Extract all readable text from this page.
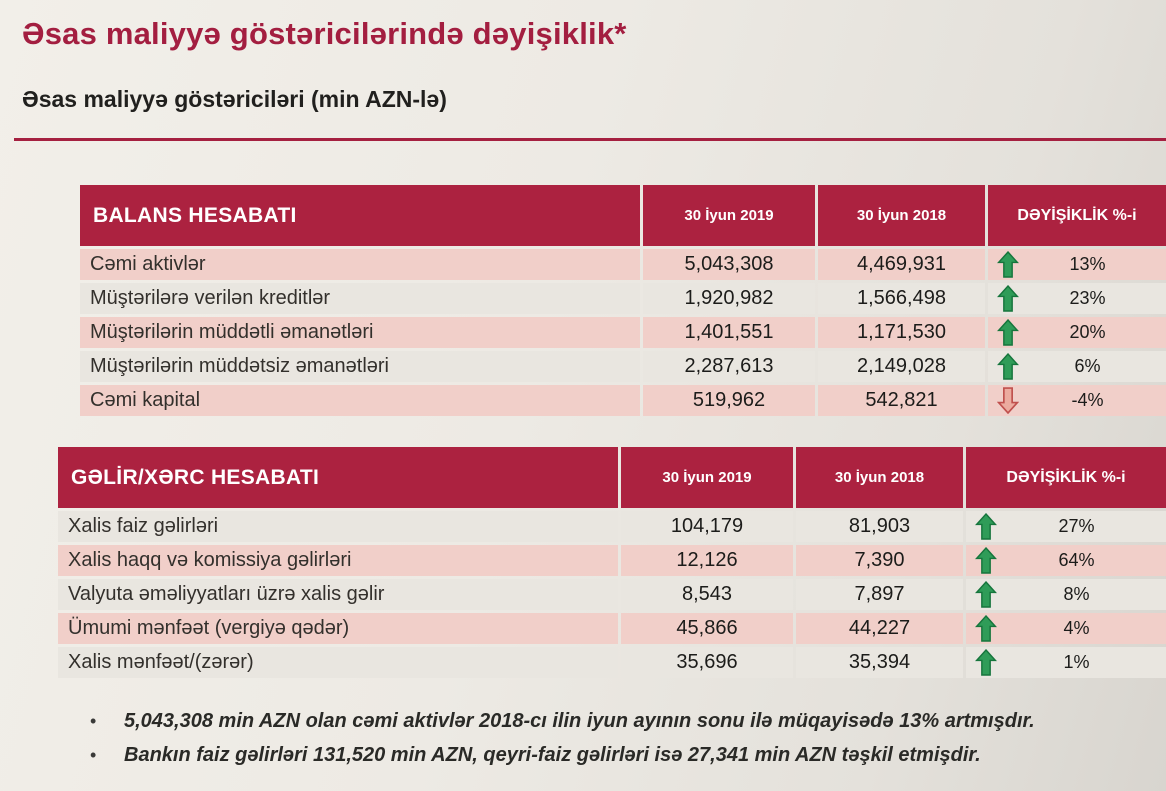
Əsas maliyyə göstəricilərində dəyişiklik*
Əsas maliyyə göstəriciləri (min AZN-lə)
BALANS HESABATI	30 İyun 2019	30 İyun 2018	DƏYİŞİKLİK %-i
Cəmi aktivlər	5,043,308	4,469,931	13%
Müştərilərə verilən kreditlər	1,920,982	1,566,498	23%
Müştərilərin müddətli əmanətləri	1,401,551	1,171,530	20%
Müştərilərin müddətsiz əmanətləri	2,287,613	2,149,028	6%
Cəmi kapital	519,962	542,821	-4%
GƏLİR/XƏRC HESABATI	30 İyun 2019	30 İyun 2018	DƏYİŞİKLİK %-i
Xalis faiz gəlirləri	104,179	81,903	27%
Xalis haqq və komissiya gəlirləri	12,126	7,390	64%
Valyuta əməliyyatları üzrə xalis gəlir	8,543	7,897	8%
Ümumi mənfəət (vergiyə qədər)	45,866	44,227	4%
Xalis mənfəət/(zərər)	35,696	35,394	1%
•	5,043,308 min AZN olan cəmi aktivlər 2018-cı ilin iyun ayının sonu ilə müqayisədə 13% artmışdır.
•	Bankın faiz gəlirləri 131,520 min AZN, qeyri-faiz gəlirləri isə 27,341 min AZN təşkil etmişdir.
